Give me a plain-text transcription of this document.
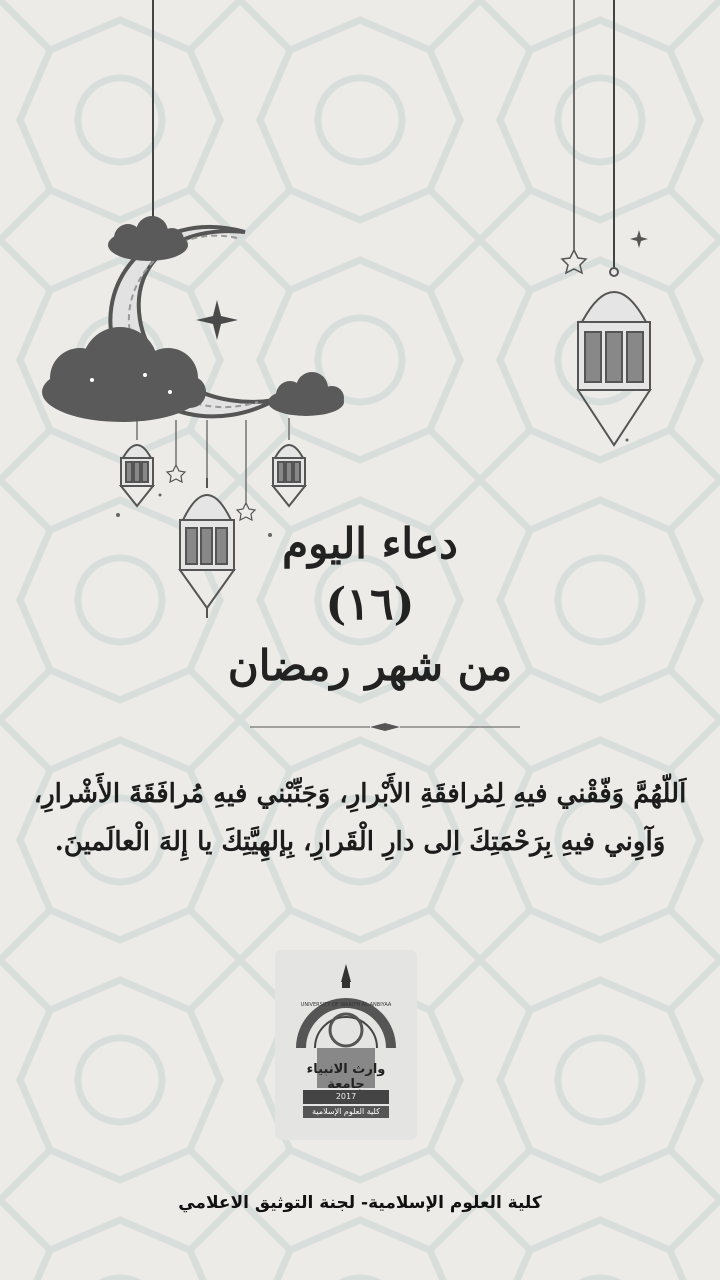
دعاء اليوم
(١٦)
من شهر رمضان
اَللّهُمَّ وَفّقْني فيهِ لِمُرافقَةِ الأَبْرارِ، وَجَنِّبْني فيهِ مُرافَقَةَ الأَشْرارِ، وَآوِني فيهِ بِرَحْمَتِكَ اِلى دارِ الْقَرارِ، بِإلهِيَّتِكَ يا إِلهَ الْعالَمينَ.
UNIVERSITY OF WARITH AL-ANBIYAA
وارث الانبياء جامعة
2017
كلية العلوم الإسلامية
كلية العلوم الإسلامية- لجنة التوثيق الاعلامي
